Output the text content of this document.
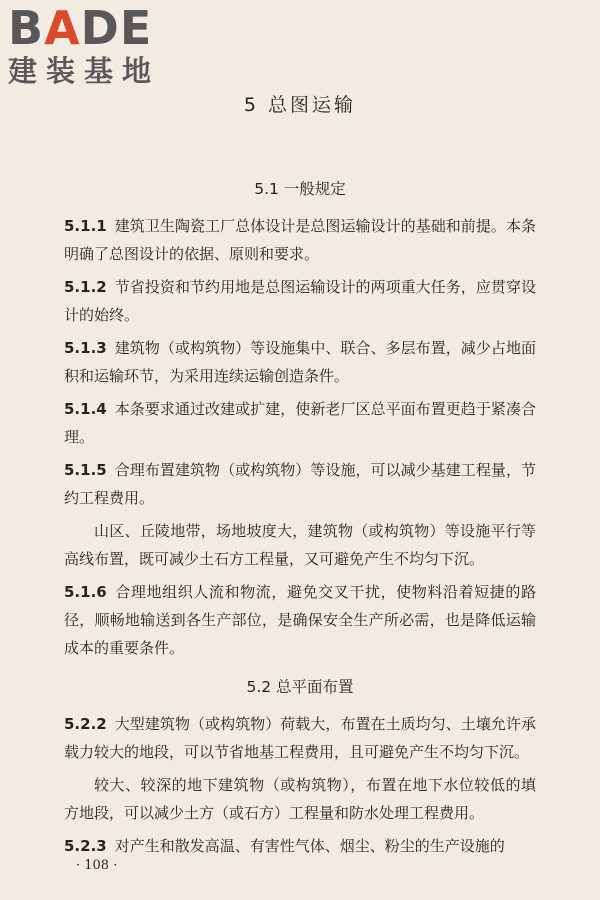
BADE
建装基地
5 总图运输
5.1 一般规定

5.1.1 建筑卫生陶瓷工厂总体设计是总图运输设计的基础和前提。本条明确了总图设计的依据、原则和要求。

5.1.2 节省投资和节约用地是总图运输设计的两项重大任务，应贯穿设计的始终。

5.1.3 建筑物（或构筑物）等设施集中、联合、多层布置，减少占地面积和运输环节，为采用连续运输创造条件。

5.1.4 本条要求通过改建或扩建，使新老厂区总平面布置更趋于紧凑合理。

5.1.5 合理布置建筑物（或构筑物）等设施，可以减少基建工程量，节约工程费用。

山区、丘陵地带，场地坡度大，建筑物（或构筑物）等设施平行等高线布置，既可减少土石方工程量，又可避免产生不均匀下沉。

5.1.6 合理地组织人流和物流，避免交叉干扰，使物料沿着短捷的路径，顺畅地输送到各生产部位，是确保安全生产所必需，也是降低运输成本的重要条件。

5.2 总平面布置

5.2.2 大型建筑物（或构筑物）荷载大，布置在土质均匀、土壤允许承载力较大的地段，可以节省地基工程费用，且可避免产生不均匀下沉。

较大、较深的地下建筑物（或构筑物），布置在地下水位较低的填方地段，可以减少土方（或石方）工程量和防水处理工程费用。

5.2.3 对产生和散发高温、有害性气体、烟尘、粉尘的生产设施的

· 108 ·
